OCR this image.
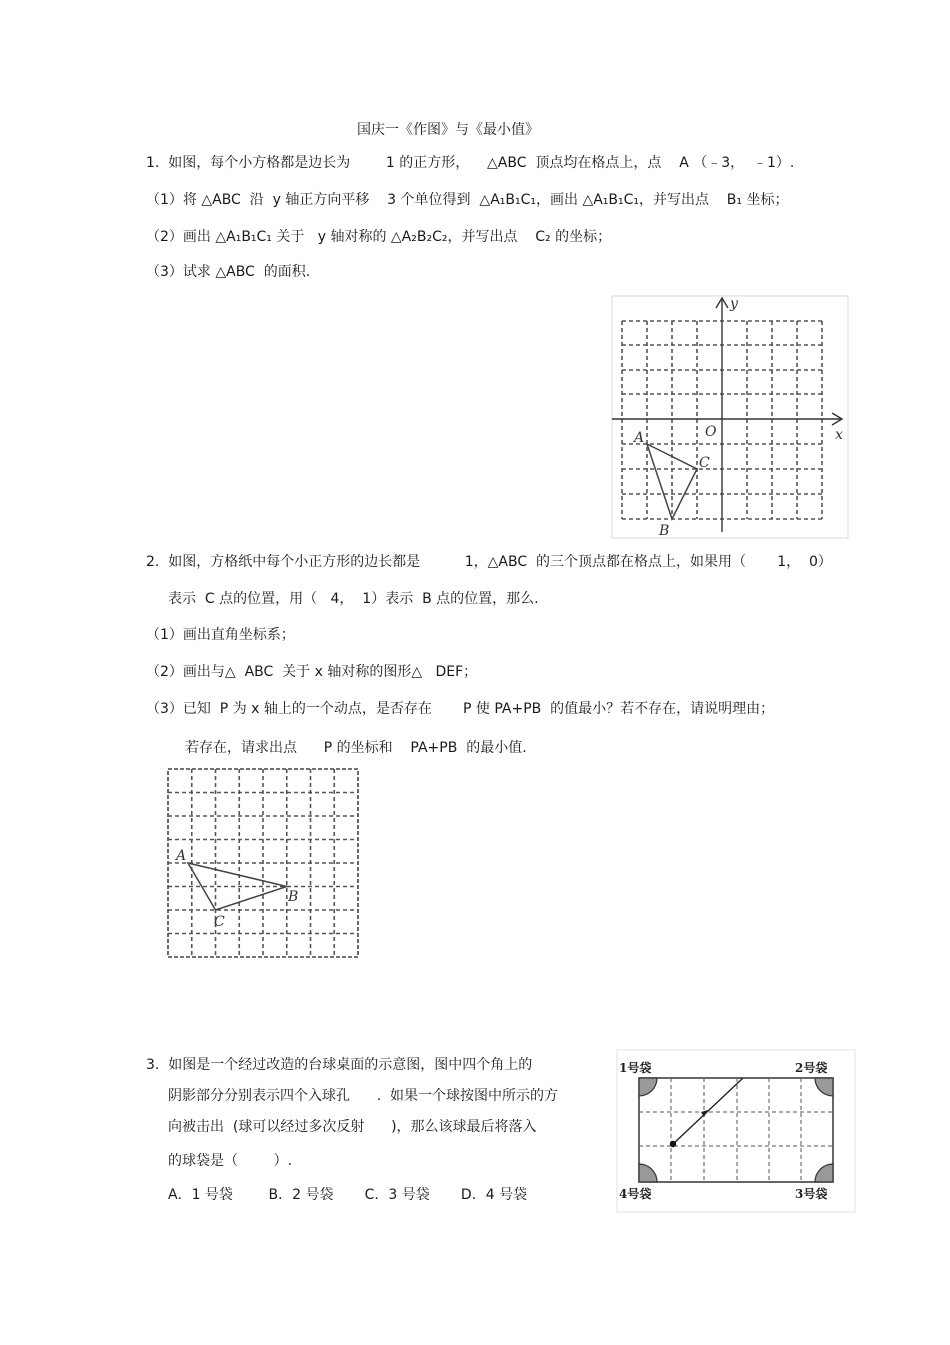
国庆一《作图》与《最小值》
1.  如图，每个小方格都是边长为        1 的正方形，    △ABC  顶点均在格点上，点    A （﹣3，  ﹣1）.
（1）将 △ABC  沿  y 轴正方向平移    3 个单位得到  △A₁B₁C₁，画出 △A₁B₁C₁，并写出点    B₁ 坐标；
（2）画出 △A₁B₁C₁ 关于   y 轴对称的 △A₂B₂C₂，并写出点    C₂ 的坐标；
（3）试求 △ABC  的面积.
x
y
O
A
C
B
2.  如图，方格纸中每个小正方形的边长都是          1，△ABC  的三个顶点都在格点上，如果用（       1，  0）
表示  C 点的位置，用（   4，  1）表示  B 点的位置，那么.
（1）画出直角坐标系；
（2）画出与△  ABC  关于 x 轴对称的图形△   DEF；
（3）已知  P 为 x 轴上的一个动点，是否存在       P 使 PA+PB  的值最小？若不存在，请说明理由；
若存在，请求出点      P 的坐标和    PA+PB  的最小值.
A
B
C
3.  如图是一个经过改造的台球桌面的示意图，图中四个角上的
阴影部分分别表示四个入球孔      .  如果一个球按图中所示的方
向被击出  (球可以经过多次反射      )，那么该球最后将落入
的球袋是（        ）.
A．1 号袋        B．2 号袋       C．3 号袋       D．4 号袋
1号袋	2号袋
3号袋
4号袋
